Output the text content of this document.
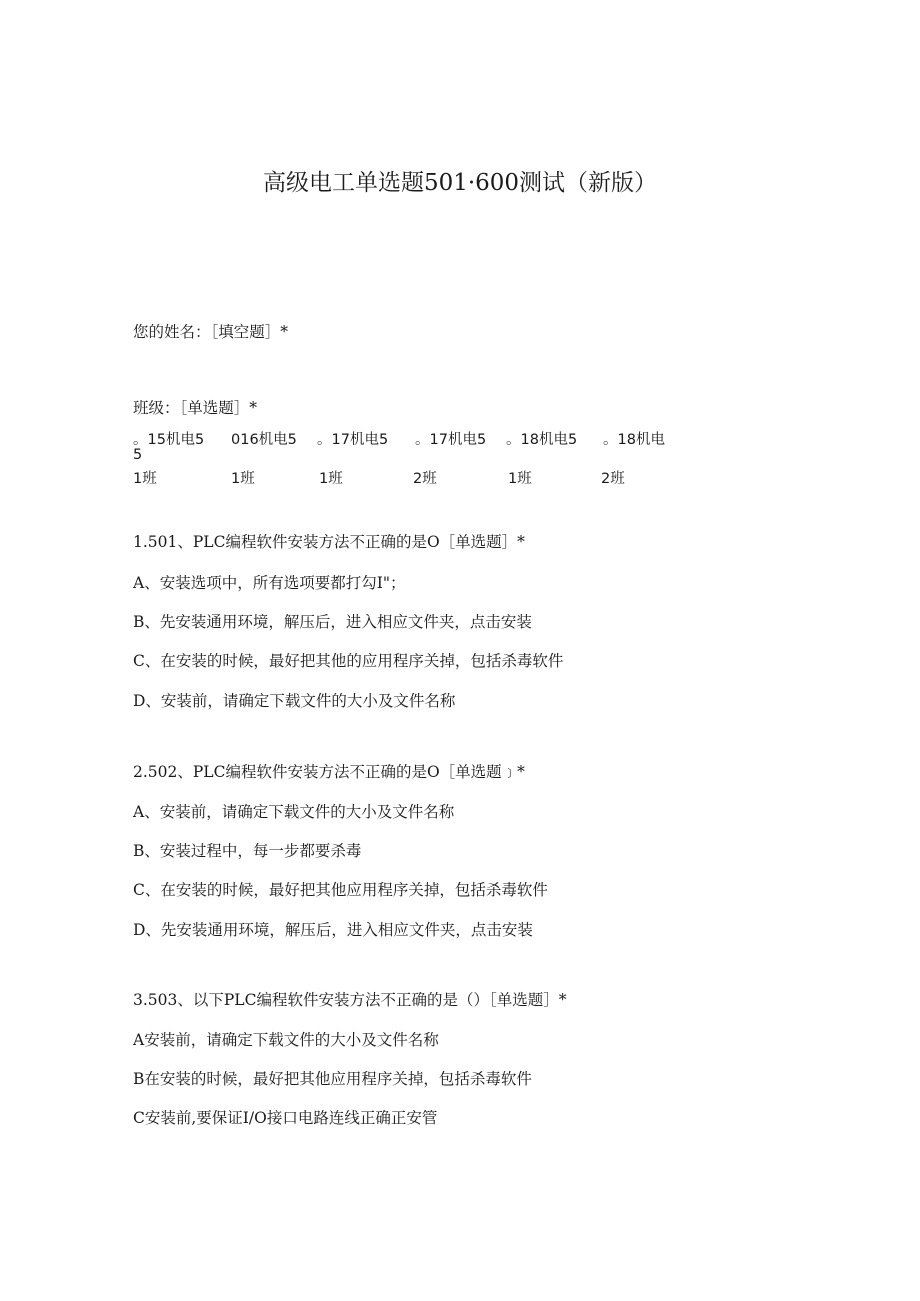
高级电工单选题501·600测试（新版）
您的姓名：［填空题］*
班级：［单选题］*
。15机电5 016机电5 。17机电5 。17机电5 。18机电5 。18机电
5
1班	1班	1班	2班	1班	2班
1.501、PLC编程软件安装方法不正确的是O［单选题］*
A、安装选项中，所有选项要都打勾I"；
B、先安装通用环境，解压后，进入相应文件夹，点击安装
C、在安装的时候，最好把其他的应用程序关掉，包括杀毒软件
D、安装前，请确定下载文件的大小及文件名称
2.502、PLC编程软件安装方法不正确的是O［单选题﹞*
A、安装前，请确定下载文件的大小及文件名称
B、安装过程中，每一步都要杀毒
C、在安装的时候，最好把其他应用程序关掉，包括杀毒软件
D、先安装通用环境，解压后，进入相应文件夹，点击安装
3.503、以下PLC编程软件安装方法不正确的是（）［单选题］*
A安装前，请确定下载文件的大小及文件名称
B在安装的时候，最好把其他应用程序关掉，包括杀毒软件
C安装前,要保证I/O接口电路连线正确正安管
